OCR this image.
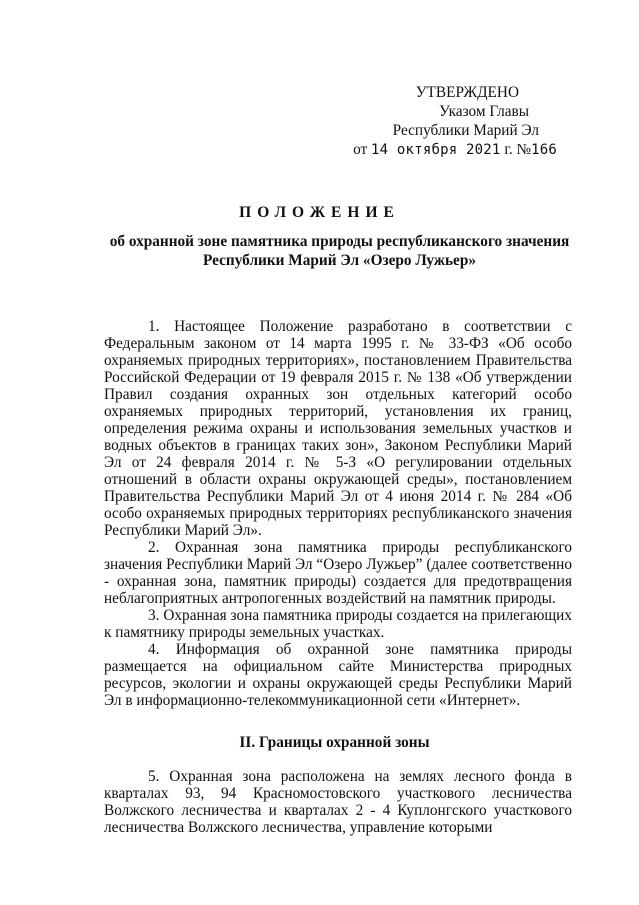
УТВЕРЖДЕНО
Указом Главы
Республики Марий Эл
от 14 октября 2021 г. №166
ПОЛОЖЕНИЕ
об охранной зоне памятника природы республиканского значения Республики Марий Эл «Озеро Лужьер»

1. Настоящее Положение разработано в соответствии с Федеральным законом от 14 марта 1995 г. № 33-ФЗ «Об особо охраняемых природных территориях», постановлением Правительства Российской Федерации от 19 февраля 2015 г. № 138 «Об утверждении Правил создания охранных зон отдельных категорий особо охраняемых природных территорий, установления их границ, определения режима охраны и использования земельных участков и водных объектов в границах таких зон», Законом Республики Марий Эл от 24 февраля 2014 г. № 5-З «О регулировании отдельных отношений в области охраны окружающей среды», постановлением Правительства Республики Марий Эл от 4 июня 2014 г. № 284 «Об особо охраняемых природных территориях республиканского значения Республики Марий Эл».

2. Охранная зона памятника природы республиканского значения Республики Марий Эл “Озеро Лужьер” (далее соответственно - охранная зона, памятник природы) создается для предотвращения неблагоприятных антропогенных воздействий на памятник природы.

3. Охранная зона памятника природы создается на прилегающих к памятнику природы земельных участках.

4. Информация об охранной зоне памятника природы размещается на официальном сайте Министерства природных ресурсов, экологии и охраны окружающей среды Республики Марий Эл в информационно-телекоммуникационной сети «Интернет».

II. Границы охранной зоны

5. Охранная зона расположена на землях лесного фонда в кварталах 93, 94 Красномостовского участкового лесничества Волжского лесничества и кварталах 2 - 4 Куплонгского участкового лесничества Волжского лесничества, управление которыми
